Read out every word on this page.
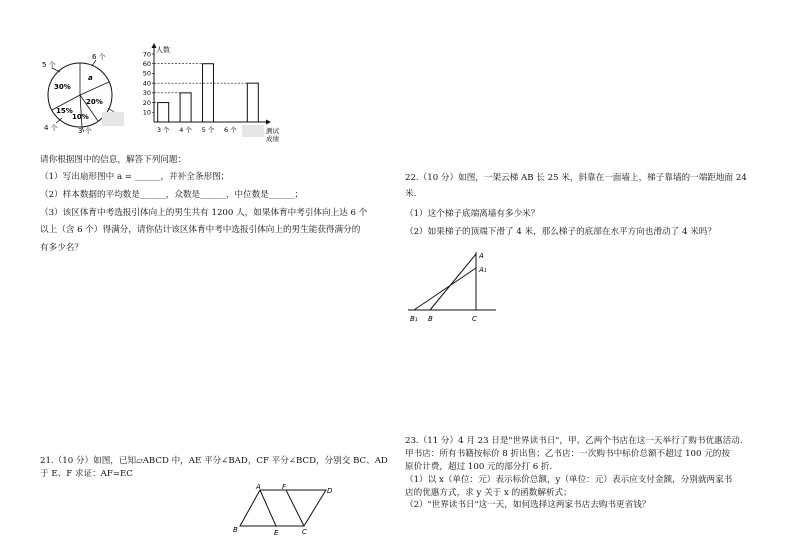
30%
a
20%
15%
10%
5 个
6 个
4 个	3 个
人数
测试
成绩
10
20
30
40
50
60
70
3 个 4 个 5 个 6 个
请你根据图中的信息，解答下列问题：
（1）写出扇形图中 a = ______，并补全条形图；
（2）样本数据的平均数是______，众数是______，中位数是______；
（3）该区体育中考选报引体向上的男生共有 1200 人，如果体育中考引体向上达 6 个
以上（含 6 个）得满分，请你估计该区体育中考中选报引体向上的男生能获得满分的
有多少名？
21.（10 分）如图，已知▱ABCD 中，AE 平分∠BAD，CF 平分∠BCD，分别交 BC、AD
于 E、F 求证：AF=EC
A	F	D
B	E	C
22.（10 分）如图，一架云梯 AB 长 25 米，斜靠在一面墙上，梯子靠墙的一端距地面 24
米.
（1）这个梯子底端离墙有多少米？
（2）如果梯子的顶端下滑了 4 米，那么梯子的底部在水平方向也滑动了 4 米吗？
A
A₁
B₁ B	C
23.（11 分）4 月 23 日是"世界读书日"，甲、乙两个书店在这一天举行了购书优惠活动.
甲书店：所有书籍按标价 8 折出售；乙书店：一次购书中标价总额不超过 100 元的按
原价计费，超过 100 元的部分打 6 折.
（1）以 x（单位：元）表示标价总额，y（单位：元）表示应支付金额，分别就两家书
店的优惠方式，求 y 关于 x 的函数解析式；
（2）"世界读书日"这一天，如何选择这两家书店去购书更省钱？
